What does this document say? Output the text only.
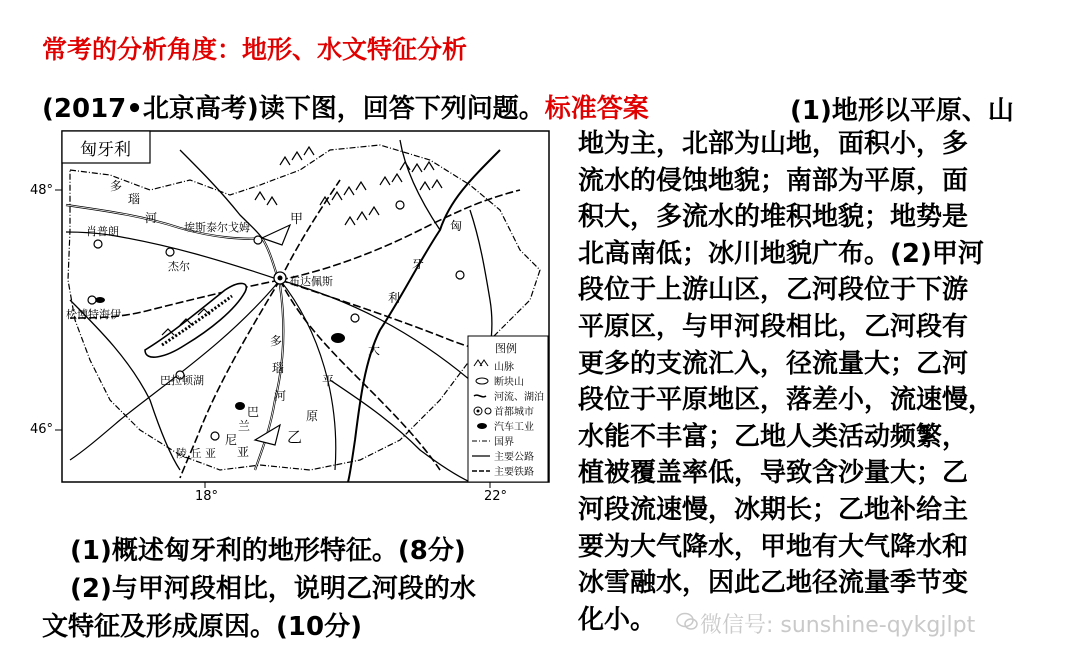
常考的分析角度：地形、水文特征分析
(2017•北京高考)读下图，回答下列问题。标准答案	(1)地形以平原、山
地为主，北部为山地，面积小，多
流水的侵蚀地貌；南部为平原，面
积大，多流水的堆积地貌；地势是
北高南低；冰川地貌广布。(2)甲河
段位于上游山区，乙河段位于下游
平原区，与甲河段相比，乙河段有
更多的支流汇入，径流量大；乙河
段位于平原地区，落差小，流速慢，
水能不丰富；乙地人类活动频繁，
植被覆盖率低，导致含沙量大；乙
河段流速慢，冰期长；乙地补给主
要为大气降水，甲地有大气降水和
冰雪融水，因此乙地径流量季节变
化小。
匈牙利
48°
46°
18°	22°
肖普朗
杰尔
松博特海伊
埃斯泰尔戈姆
布达佩斯
巴拉顿湖
甲
乙
陵 丘 亚
多
瑙
河
多
瑙
河
匈
牙
利
大
平
原
巴
兰
尼
亚
图例
山脉
断块山
河流、湖泊
首都城市
汽车工业
国界
主要公路
主要铁路
(1)概述匈牙利的地形特征。(8分)
(2)与甲河段相比，说明乙河段的水
文特征及形成原因。(10分)	微信号: sunshine-qykgjlpt
